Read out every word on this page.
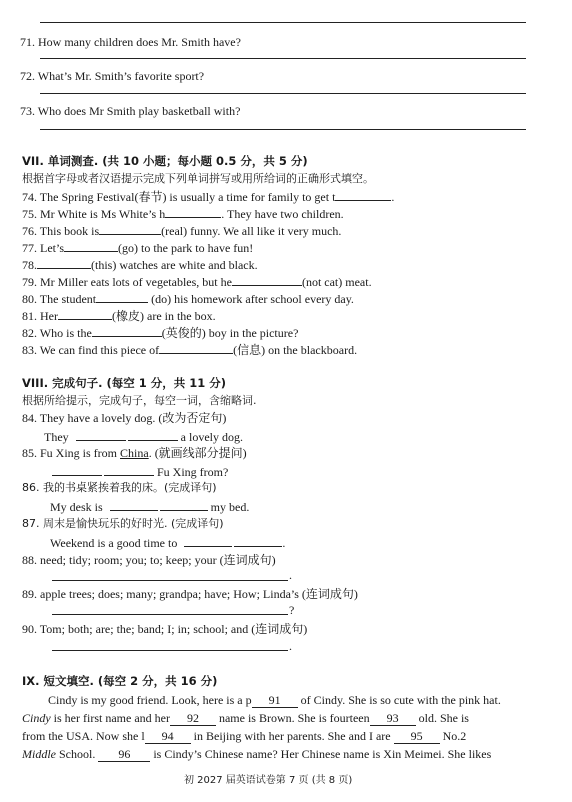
71. How many children does Mr. Smith have?
72. What’s Mr. Smith’s favorite sport?
73. Who does Mr Smith play basketball with?
VII. 单词测查. (共 10 小题；每小题 0.5 分，共 5 分)
根据首字母或者汉语提示完成下列单词拼写或用所给词的正确形式填空。
74. The Spring Festival(春节) is usually a time for family to get t	.
75. Mr White is Ms White’s h	. They have two children.
76. This book is	(real) funny. We all like it very much.
77. Let’s	(go) to the park to have fun!
78.	(this) watches are white and black.
79. Mr Miller eats lots of vegetables, but he	(not cat) meat.
80. The student	(do) his homework after school every day.
81. Her	(橡皮) are in the box.
82. Who is the	(英俊的) boy in the picture?
83. We can find this piece of	(信息) on the blackboard.
VIII. 完成句子. (每空 1 分，共 11 分)
根据所给提示，完成句子，每空一词，含缩略词.
84. They have a lovely dog. (改为否定句)
They	a lovely dog.
85. Fu Xing is from China. (就画线部分提问)
Fu Xing from?
86. 我的书桌紧挨着我的床。(完成译句)
My desk is	my bed.
87. 周末是愉快玩乐的好时光. (完成译句)
Weekend is a good time to	.
88. need; tidy; room; you; to; keep; your (连词成句)
.
89. apple trees; does; many; grandpa; have; How; Linda’s (连词成句)
?
90. Tom; both; are; the; band; I; in; school; and (连词成句)
.
IX. 短文填空. (每空 2 分，共 16 分)
Cindy is my good friend. Look, here is a p 91 of Cindy. She is so cute with the pink hat.
Cindy is her first name and her 92 name is Brown. She is fourteen 93 old. She is
from the USA. Now she l 94 in Beijing with her parents. She and I are 95 No.2
Middle School. 96 is Cindy’s Chinese name? Her Chinese name is Xin Meimei. She likes
初 2027 届英语试卷第 7 页 (共 8 页)
